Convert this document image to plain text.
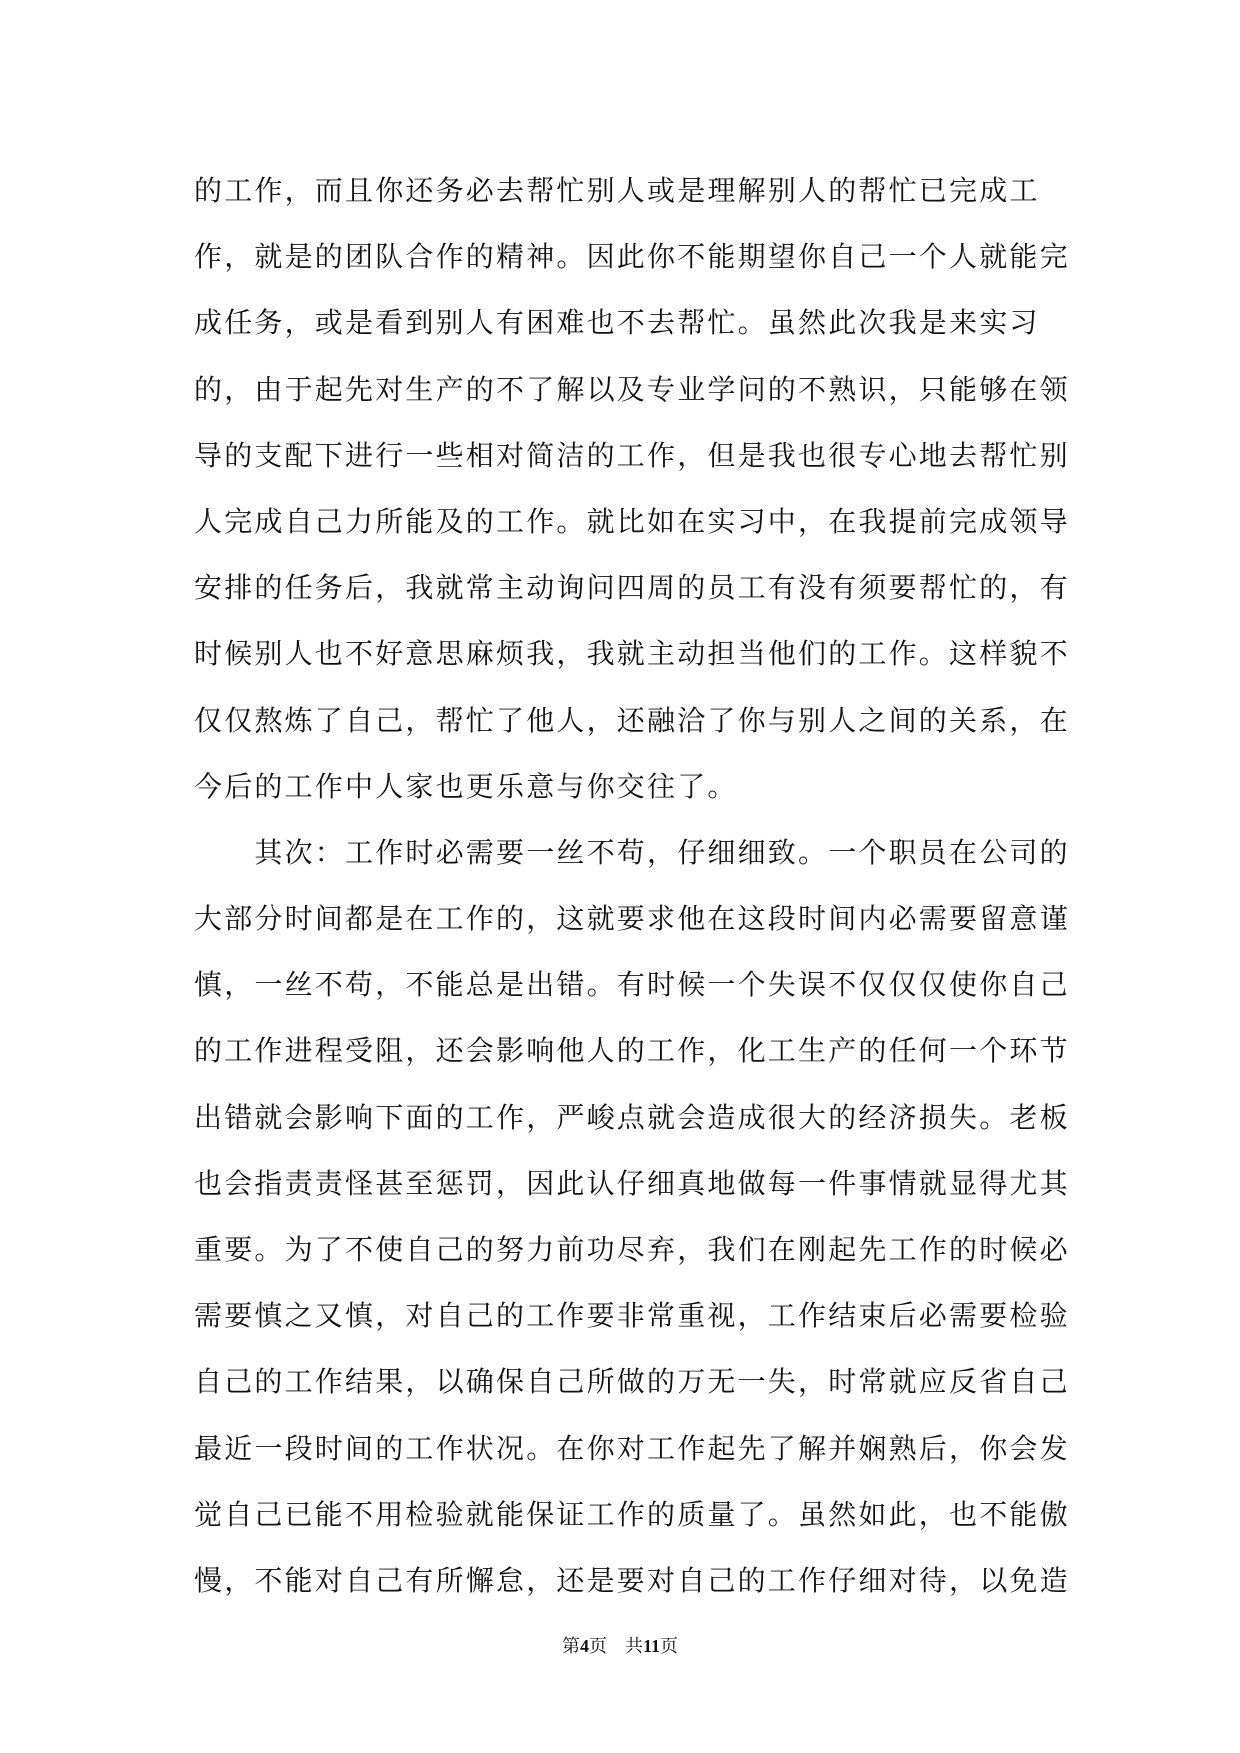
的工作，而且你还务必去帮忙别人或是理解别人的帮忙已完成工
作，就是的团队合作的精神。因此你不能期望你自己一个人就能完
成任务，或是看到别人有困难也不去帮忙。虽然此次我是来实习
的，由于起先对生产的不了解以及专业学问的不熟识，只能够在领
导的支配下进行一些相对简洁的工作，但是我也很专心地去帮忙别
人完成自己力所能及的工作。就比如在实习中，在我提前完成领导
安排的任务后，我就常主动询问四周的员工有没有须要帮忙的，有
时候别人也不好意思麻烦我，我就主动担当他们的工作。这样貌不
仅仅熬炼了自己，帮忙了他人，还融洽了你与别人之间的关系，在
今后的工作中人家也更乐意与你交往了。
　　其次：工作时必需要一丝不苟，仔细细致。一个职员在公司的
大部分时间都是在工作的，这就要求他在这段时间内必需要留意谨
慎，一丝不苟，不能总是出错。有时候一个失误不仅仅仅使你自己
的工作进程受阻，还会影响他人的工作，化工生产的任何一个环节
出错就会影响下面的工作，严峻点就会造成很大的经济损失。老板
也会指责责怪甚至惩罚，因此认仔细真地做每一件事情就显得尤其
重要。为了不使自己的努力前功尽弃，我们在刚起先工作的时候必
需要慎之又慎，对自己的工作要非常重视，工作结束后必需要检验
自己的工作结果，以确保自己所做的万无一失，时常就应反省自己
最近一段时间的工作状况。在你对工作起先了解并娴熟后，你会发
觉自己已能不用检验就能保证工作的质量了。虽然如此，也不能傲
慢，不能对自己有所懈怠，还是要对自己的工作仔细对待，以免造
第4页 共11页
